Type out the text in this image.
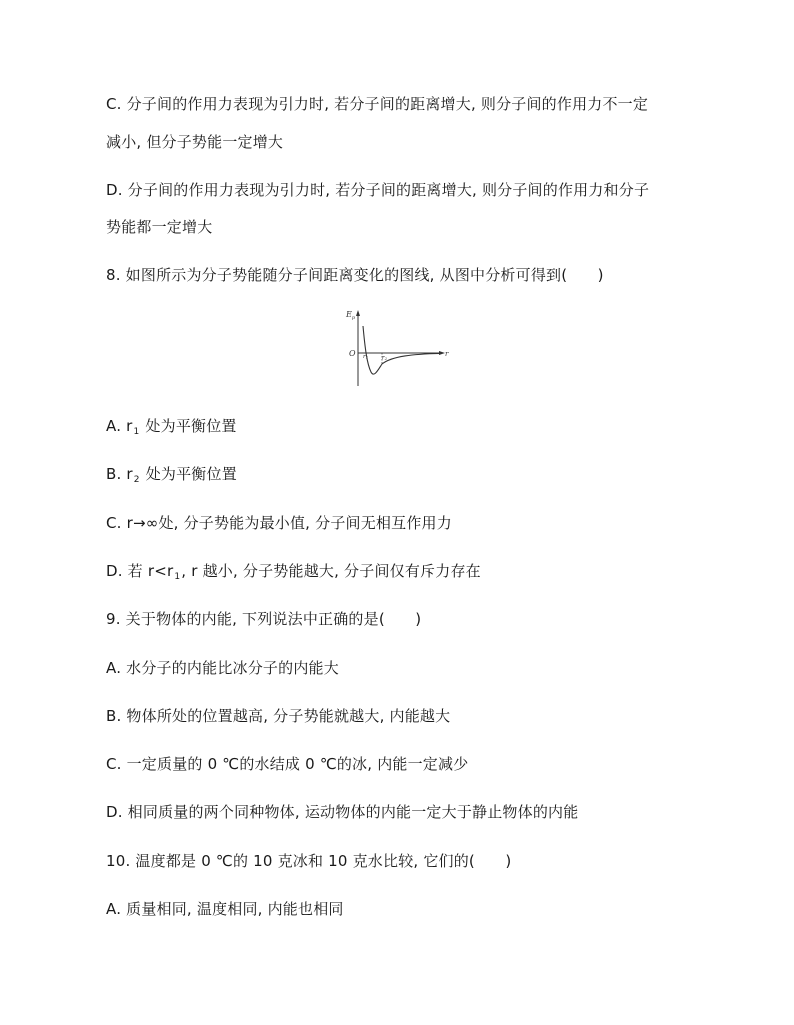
C. 分子间的作用力表现为引力时, 若分子间的距离增大, 则分子间的作用力不一定
减小, 但分子势能一定增大
D. 分子间的作用力表现为引力时, 若分子间的距离增大, 则分子间的作用力和分子
势能都一定增大
8. 如图所示为分子势能随分子间距离变化的图线, 从图中分析可得到(　　)
$E_p$
O	r
r1	r2
A. $r_1$ 处为平衡位置
B. $r_2$ 处为平衡位置
C. r→∞处, 分子势能为最小值, 分子间无相互作用力
D. 若 $r<r_1$, r 越小, 分子势能越大, 分子间仅有斥力存在
9. 关于物体的内能, 下列说法中正确的是(　　)
A. 水分子的内能比冰分子的内能大
B. 物体所处的位置越高, 分子势能就越大, 内能越大
C. 一定质量的 0 ℃的水结成 0 ℃的冰, 内能一定减少
D. 相同质量的两个同种物体, 运动物体的内能一定大于静止物体的内能
10. 温度都是 0 ℃的 10 克冰和 10 克水比较, 它们的(　　)
A. 质量相同, 温度相同, 内能也相同
